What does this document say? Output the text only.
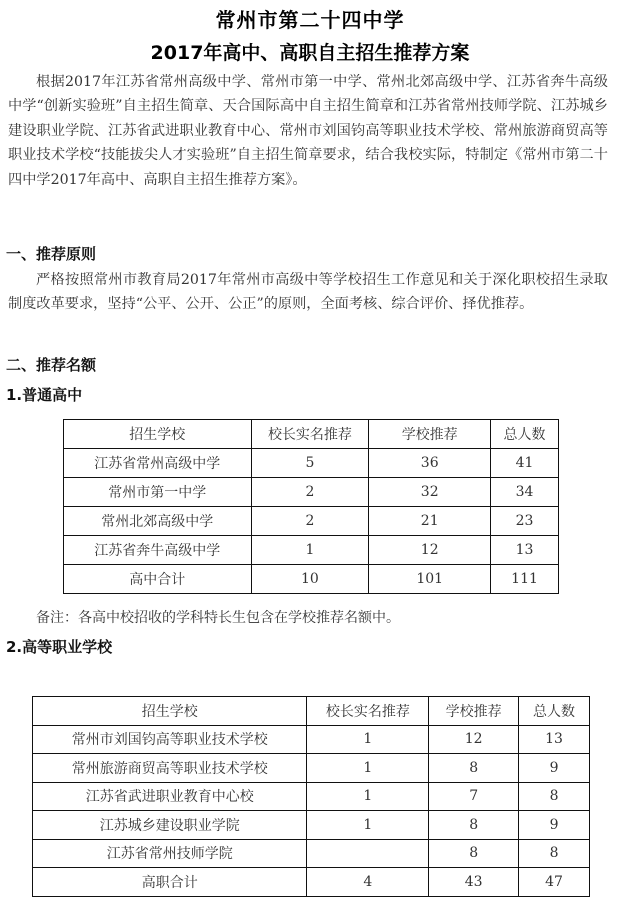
常州市第二十四中学
2017年高中、高职自主招生推荐方案

根据2017年江苏省常州高级中学、常州市第一中学、常州北郊高级中学、江苏省奔牛高级中学“创新实验班”自主招生简章、天合国际高中自主招生简章和江苏省常州技师学院、江苏城乡建设职业学院、江苏省武进职业教育中心、常州市刘国钧高等职业技术学校、常州旅游商贸高等职业技术学校“技能拔尖人才实验班”自主招生简章要求，结合我校实际，特制定《常州市第二十四中学2017年高中、高职自主招生推荐方案》。

一、推荐原则

严格按照常州市教育局2017年常州市高级中等学校招生工作意见和关于深化职校招生录取制度改革要求，坚持“公平、公开、公正”的原则，全面考核、综合评价、择优推荐。

二、推荐名额
1.普通高中
招生学校	校长实名推荐	学校推荐	总人数
江苏省常州高级中学	5	36	41
常州市第一中学	2	32	34
常州北郊高级中学	2	21	23
江苏省奔牛高级中学	1	12	13
高中合计	10	101	111
备注：各高中校招收的学科特长生包含在学校推荐名额中。
2.高等职业学校
招生学校	校长实名推荐	学校推荐	总人数
常州市刘国钧高等职业技术学校	1	12	13
常州旅游商贸高等职业技术学校	1	8	9
江苏省武进职业教育中心校	1	7	8
江苏城乡建设职业学院	1	8	9
江苏省常州技师学院		8	8
高职合计	4	43	47
